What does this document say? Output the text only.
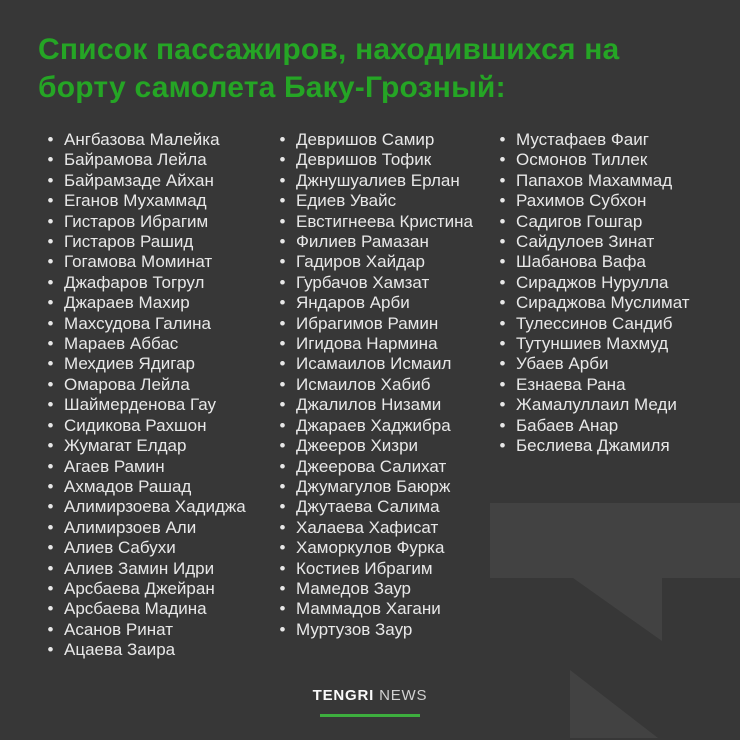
Список пассажиров, находившихся на
борту самолета Баку-Грозный:
• Ангбазова Малейка
• Байрамова Лейла
• Байрамзаде Айхан
• Еганов Мухаммад
• Гистаров Ибрагим
• Гистаров Рашид
• Гогамова Моминат
• Джафаров Тогрул
• Джараев Махир
• Махсудова Галина
• Мараев Аббас
• Мехдиев Ядигар
• Омарова Лейла
• Шаймерденова Гау
• Сидикова Рахшон
• Жумагат Елдар
• Агаев Рамин
• Ахмадов Рашад
• Алимирзоева Хадиджа
• Алимирзоев Али
• Алиев Сабухи
• Алиев Замин Идри
• Арсбаева Джейран
• Арсбаева Мадина
• Асанов Ринат
• Ацаева Заира
• Девришов Самир
• Девришов Тофик
• Джнушуалиев Ерлан
• Едиев Увайс
• Евстигнеева Кристина
• Филиев Рамазан
• Гадиров Хайдар
• Гурбачов Хамзат
• Яндаров Арби
• Ибрагимов Рамин
• Игидова Нармина
• Исамаилов Исмаил
• Исмаилов Хабиб
• Джалилов Низами
• Джараев Хаджибра
• Джееров Хизри
• Джеерова Салихат
• Джумагулов Баюрж
• Джутаева Салима
• Халаева Хафисат
• Хаморкулов Фурка
• Костиев Ибрагим
• Мамедов Заур
• Маммадов Хагани
• Муртузов Заур
• Мустафаев Фаиг
• Осмонов Тиллек
• Папахов Махаммад
• Рахимов Субхон
• Садигов Гошгар
• Сайдулоев Зинат
• Шабанова Вафа
• Сираджов Нурулла
• Сираджова Муслимат
• Тулессинов Сандиб
• Тутуншиев Махмуд
• Убаев Арби
• Езнаева Рана
• Жамалуллаил Меди
• Бабаев Анар
• Беслиева Джамиля
TENGRI NEWS
